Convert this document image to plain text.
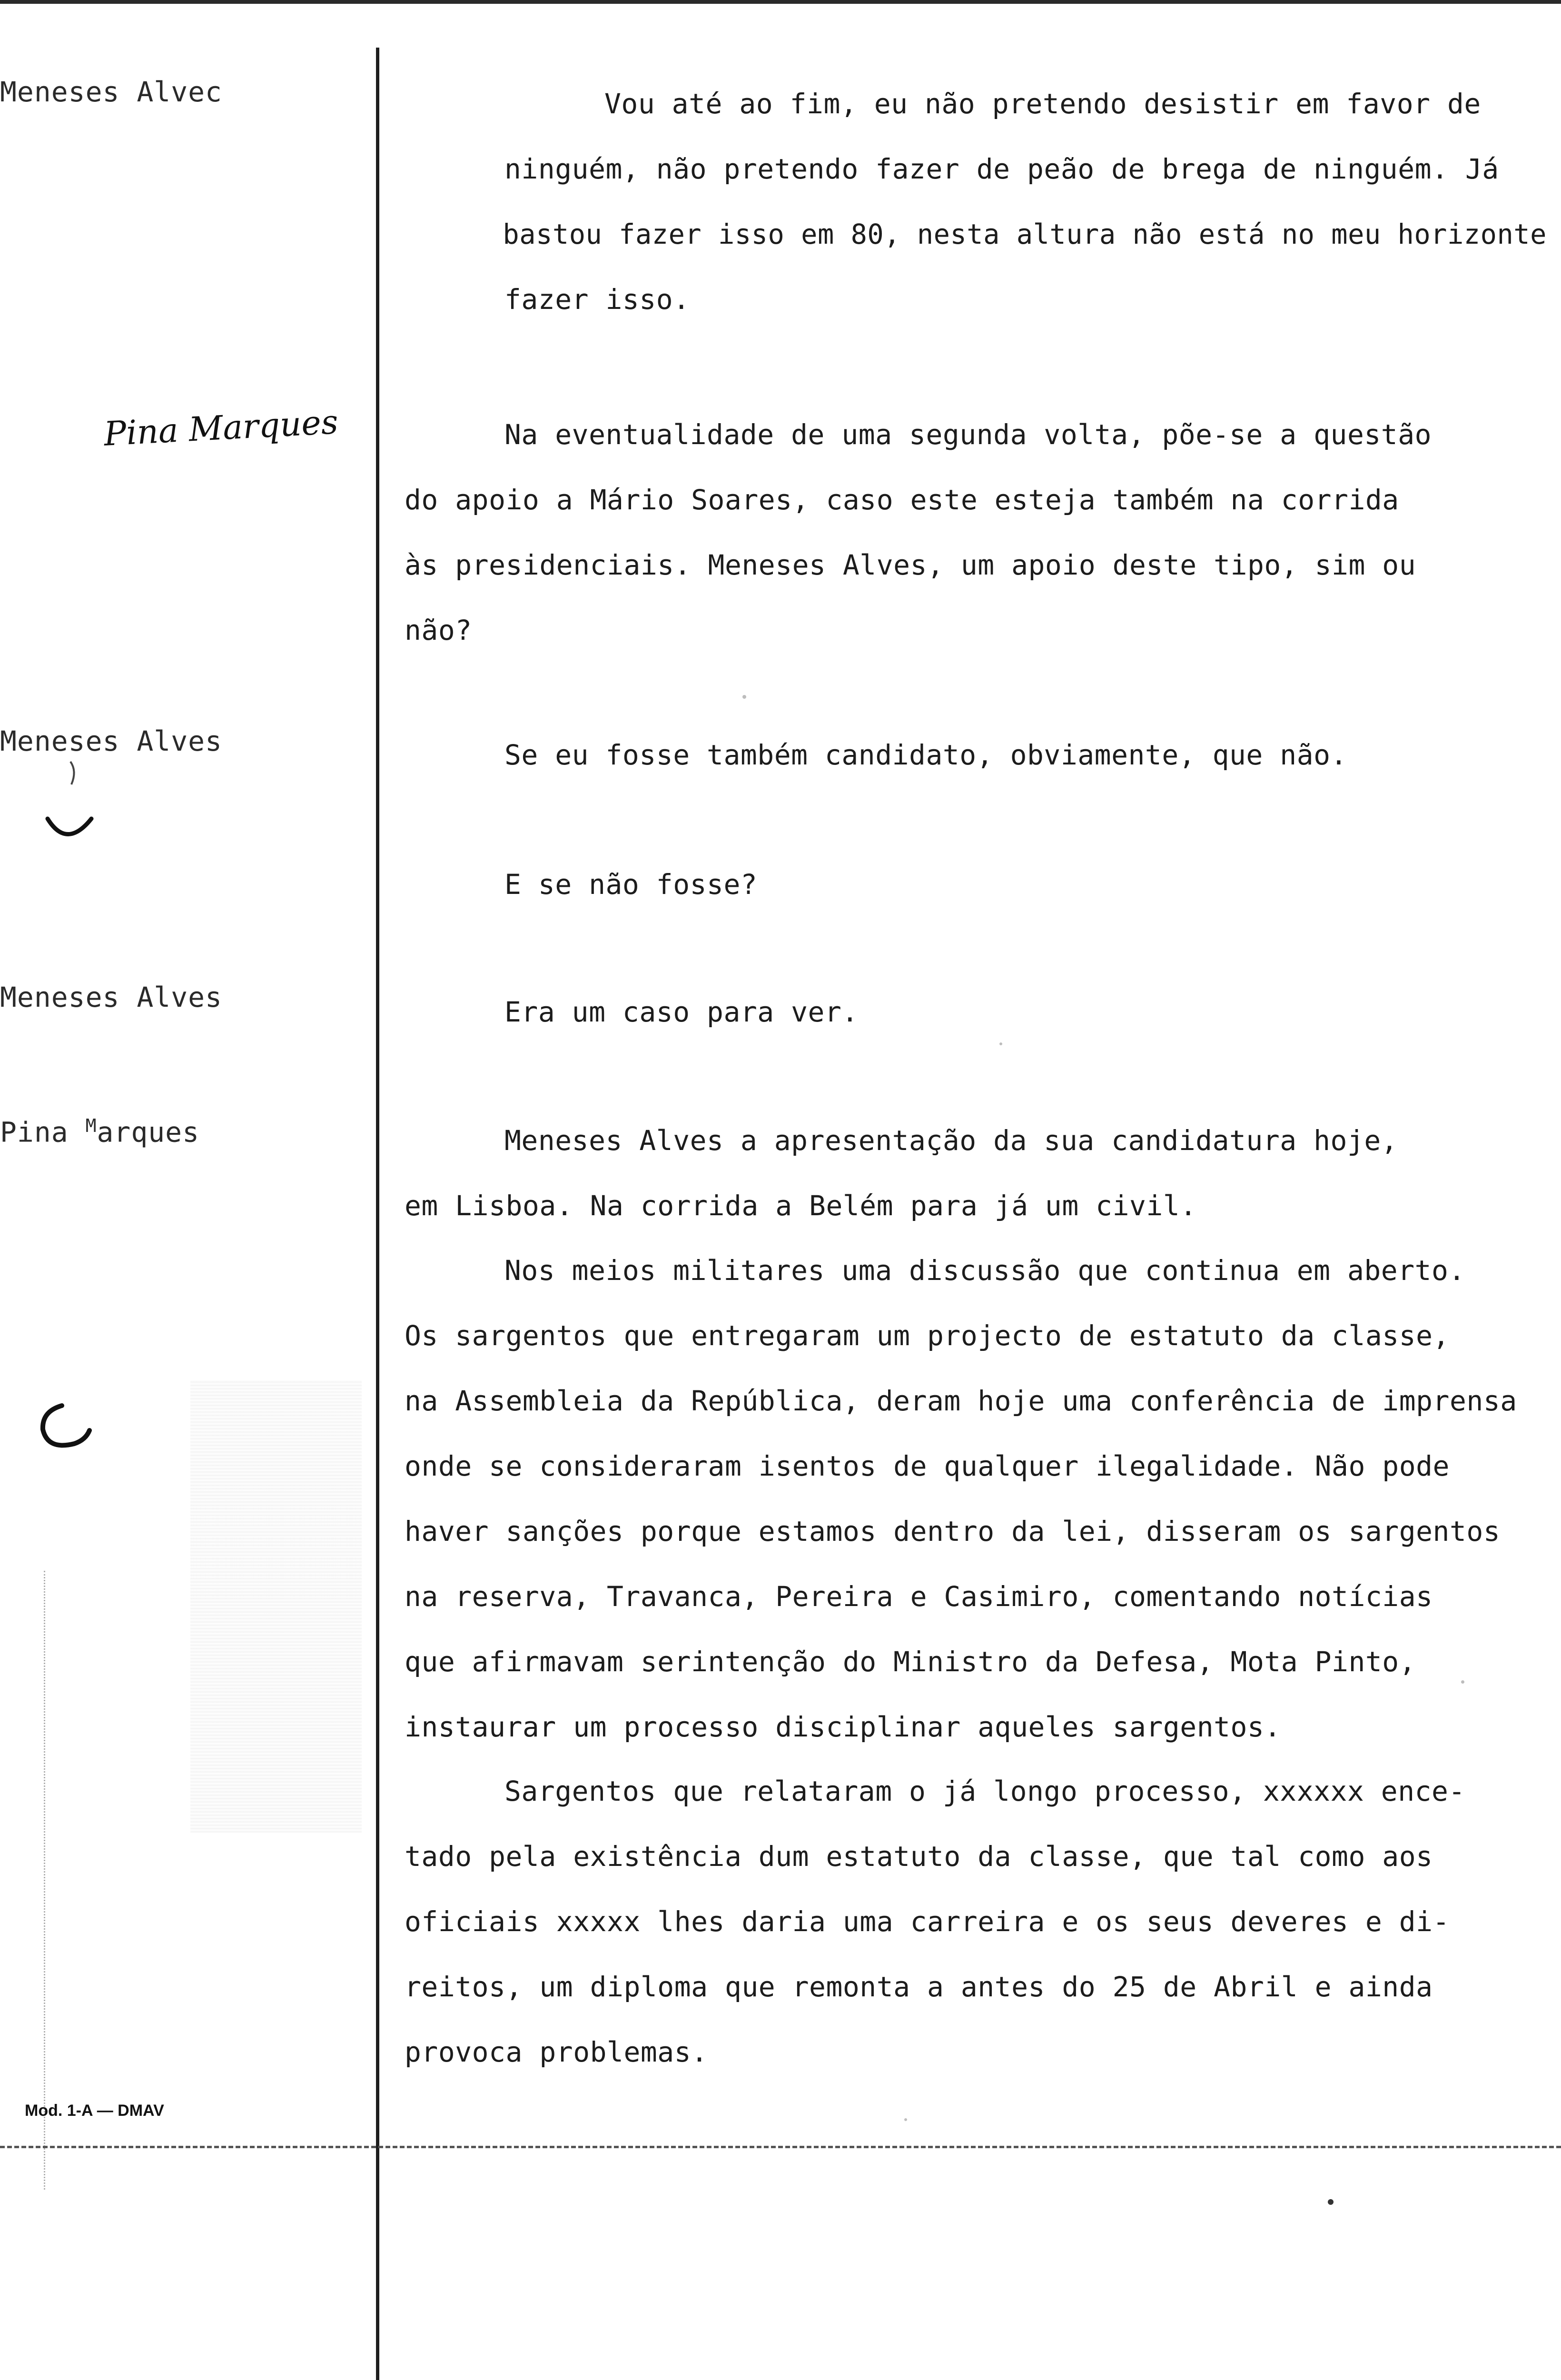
Meneses Alvec
Pina Marques
Meneses Alves
Meneses Alves
Pina $^M$arques
Vou até ao fim, eu não pretendo desistir em favor de
ninguém, não pretendo fazer de peão de brega de ninguém. Já
bastou fazer isso em 80, nesta altura não está no meu horizonte
fazer isso.
Na eventualidade de uma segunda volta, põe-se a questão
do apoio a Mário Soares, caso este esteja também na corrida
às presidenciais. Meneses Alves, um apoio deste tipo, sim ou
não?
Se eu fosse também candidato, obviamente, que não.
E se não fosse?
Era um caso para ver.
Meneses Alves a apresentação da sua candidatura hoje,
em Lisboa. Na corrida a Belém para já um civil.
Nos meios militares uma discussão que continua em aberto.
Os sargentos que entregaram um projecto de estatuto da classe,
na Assembleia da República, deram hoje uma conferência de imprensa
onde se consideraram isentos de qualquer ilegalidade. Não pode
haver sanções porque estamos dentro da lei, disseram os sargentos
na reserva, Travanca, Pereira e Casimiro, comentando notícias
que afirmavam serintenção do Ministro da Defesa, Mota Pinto,
instaurar um processo disciplinar aqueles sargentos.
Sargentos que relataram o já longo processo, xxxxxx ence-
tado pela existência dum estatuto da classe, que tal como aos
oficiais xxxxx lhes daria uma carreira e os seus deveres e di-
reitos, um diploma que remonta a antes do 25 de Abril e ainda
provoca problemas.
Mod. 1-A — DMAV
